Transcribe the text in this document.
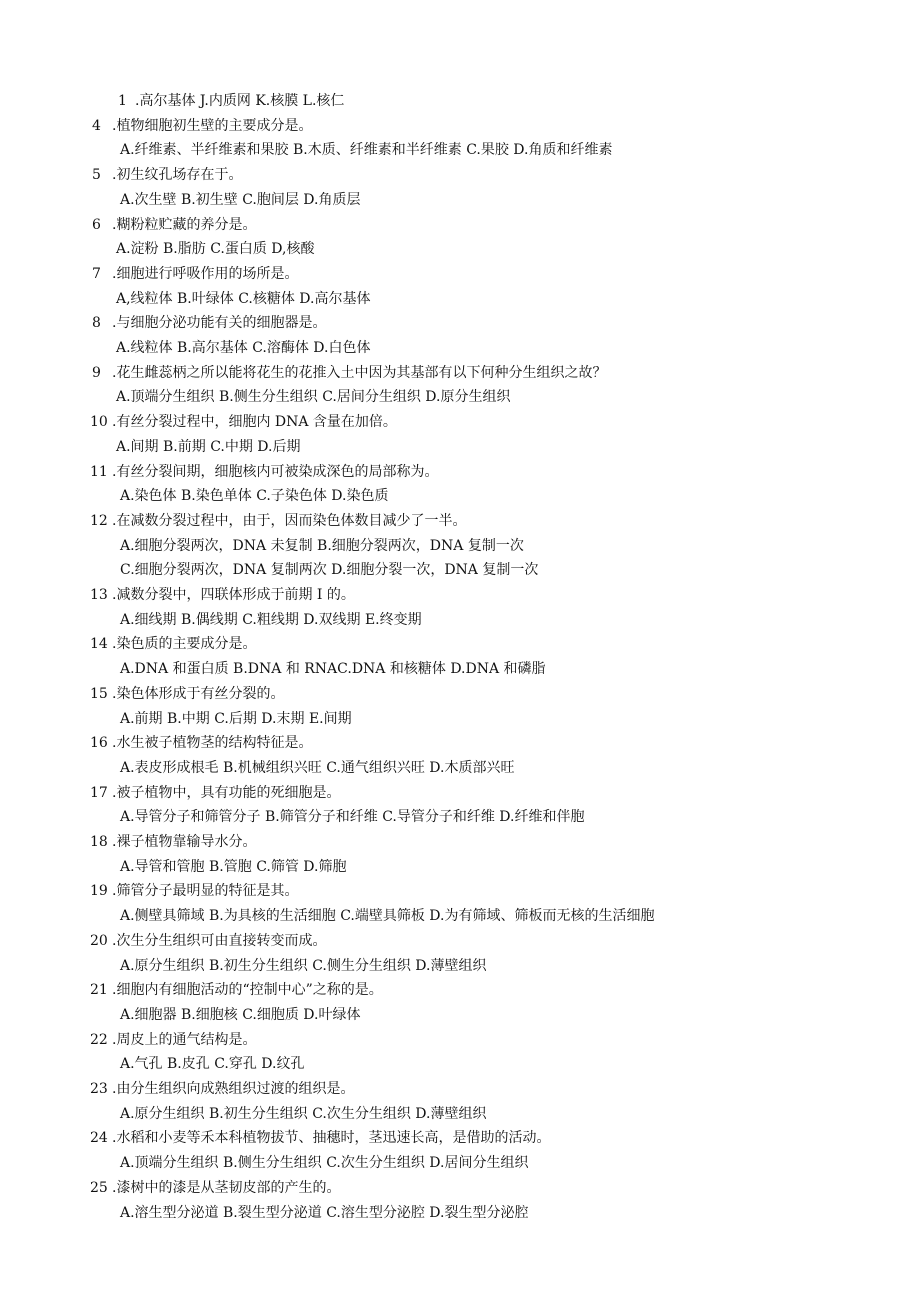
1 .高尔基体 J.内质网 K.核膜 L.核仁
4 .植物细胞初生壁的主要成分是。
A.纤维素、半纤维素和果胶 B.木质、纤维素和半纤维素 C.果胶 D.角质和纤维素
5 .初生纹孔场存在于。
A.次生壁 B.初生壁 C.胞间层 D.角质层
6 .糊粉粒贮藏的养分是。
A.淀粉 B.脂肪 C.蛋白质 D,核酸
7 .细胞进行呼吸作用的场所是。
A,线粒体 B.叶绿体 C.核糖体 D.高尔基体
8 .与细胞分泌功能有关的细胞器是。
A.线粒体 B.高尔基体 C.溶酶体 D.白色体
9 .花生雌蕊柄之所以能将花生的花推入土中因为其基部有以下何种分生组织之故？
A.顶端分生组织 B.侧生分生组织 C.居间分生组织 D.原分生组织
10 .有丝分裂过程中，细胞内 DNA 含量在加倍。
A.间期 B.前期 C.中期 D.后期
11 .有丝分裂间期，细胞核内可被染成深色的局部称为。
A.染色体 B.染色单体 C.子染色体 D.染色质
12 .在减数分裂过程中，由于，因而染色体数目减少了一半。
A.细胞分裂两次，DNA 未复制 B.细胞分裂两次，DNA 复制一次
C.细胞分裂两次，DNA 复制两次 D.细胞分裂一次，DNA 复制一次
13 .减数分裂中，四联体形成于前期 I 的。
A.细线期 B.偶线期 C.粗线期 D.双线期 E.终变期
14 .染色质的主要成分是。
A.DNA 和蛋白质 B.DNA 和 RNAC.DNA 和核糖体 D.DNA 和磷脂
15 .染色体形成于有丝分裂的。
A.前期 B.中期 C.后期 D.末期 E.间期
16 .水生被子植物茎的结构特征是。
A.表皮形成根毛 B.机械组织兴旺 C.通气组织兴旺 D.木质部兴旺
17 .被子植物中，具有功能的死细胞是。
A.导管分子和筛管分子 B.筛管分子和纤维 C.导管分子和纤维 D.纤维和伴胞
18 .裸子植物靠输导水分。
A.导管和管胞 B.管胞 C.筛管 D.筛胞
19 .筛管分子最明显的特征是其。
A.侧壁具筛域 B.为具核的生活细胞 C.端壁具筛板 D.为有筛域、筛板而无核的生活细胞
20 .次生分生组织可由直接转变而成。
A.原分生组织 B.初生分生组织 C.侧生分生组织 D.薄壁组织
21 .细胞内有细胞活动的“控制中心”之称的是。
A.细胞器 B.细胞核 C.细胞质 D.叶绿体
22 .周皮上的通气结构是。
A.气孔 B.皮孔 C.穿孔 D.纹孔
23 .由分生组织向成熟组织过渡的组织是。
A.原分生组织 B.初生分生组织 C.次生分生组织 D.薄壁组织
24 .水稻和小麦等禾本科植物拔节、抽穗时，茎迅速长高，是借助的活动。
A.顶端分生组织 B.侧生分生组织 C.次生分生组织 D.居间分生组织
25 .漆树中的漆是从茎韧皮部的产生的。
A.溶生型分泌道 B.裂生型分泌道 C.溶生型分泌腔 D.裂生型分泌腔
